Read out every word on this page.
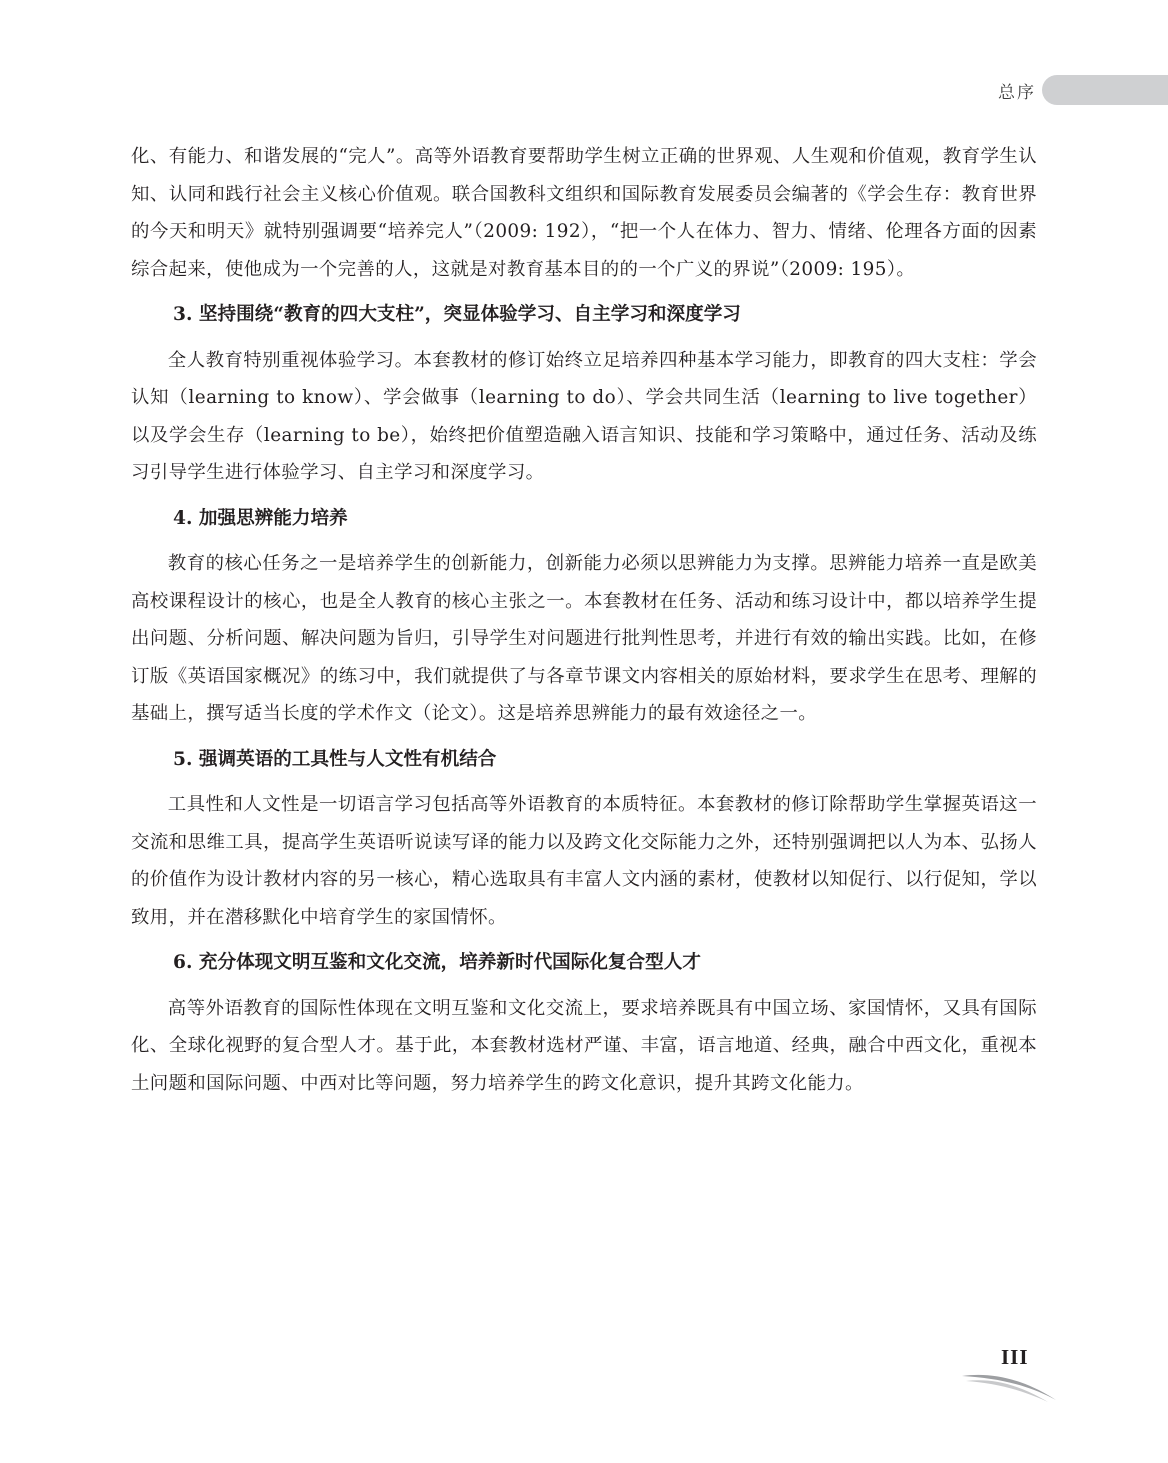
总序

化、有能力、和谐发展的“完人”。高等外语教育要帮助学生树立正确的世界观、人生观和价值观，教育学生认知、认同和践行社会主义核心价值观。联合国教科文组织和国际教育发展委员会编著的《学会生存：教育世界的今天和明天》就特别强调要“培养完人”（2009: 192），“把一个人在体力、智力、情绪、伦理各方面的因素综合起来，使他成为一个完善的人，这就是对教育基本目的的一个广义的界说”（2009: 195）。

3. 坚持围绕“教育的四大支柱”，突显体验学习、自主学习和深度学习

全人教育特别重视体验学习。本套教材的修订始终立足培养四种基本学习能力，即教育的四大支柱：学会认知（learning to know）、学会做事（learning to do）、学会共同生活（learning to live together）以及学会生存（learning to be），始终把价值塑造融入语言知识、技能和学习策略中，通过任务、活动及练习引导学生进行体验学习、自主学习和深度学习。

4. 加强思辨能力培养

教育的核心任务之一是培养学生的创新能力，创新能力必须以思辨能力为支撑。思辨能力培养一直是欧美高校课程设计的核心，也是全人教育的核心主张之一。本套教材在任务、活动和练习设计中，都以培养学生提出问题、分析问题、解决问题为旨归，引导学生对问题进行批判性思考，并进行有效的输出实践。比如，在修订版《英语国家概况》的练习中，我们就提供了与各章节课文内容相关的原始材料，要求学生在思考、理解的基础上，撰写适当长度的学术作文（论文）。这是培养思辨能力的最有效途径之一。

5. 强调英语的工具性与人文性有机结合

工具性和人文性是一切语言学习包括高等外语教育的本质特征。本套教材的修订除帮助学生掌握英语这一交流和思维工具，提高学生英语听说读写译的能力以及跨文化交际能力之外，还特别强调把以人为本、弘扬人的价值作为设计教材内容的另一核心，精心选取具有丰富人文内涵的素材，使教材以知促行、以行促知，学以致用，并在潜移默化中培育学生的家国情怀。

6. 充分体现文明互鉴和文化交流，培养新时代国际化复合型人才

高等外语教育的国际性体现在文明互鉴和文化交流上，要求培养既具有中国立场、家国情怀，又具有国际化、全球化视野的复合型人才。基于此，本套教材选材严谨、丰富，语言地道、经典，融合中西文化，重视本土问题和国际问题、中西对比等问题，努力培养学生的跨文化意识，提升其跨文化能力。

III
